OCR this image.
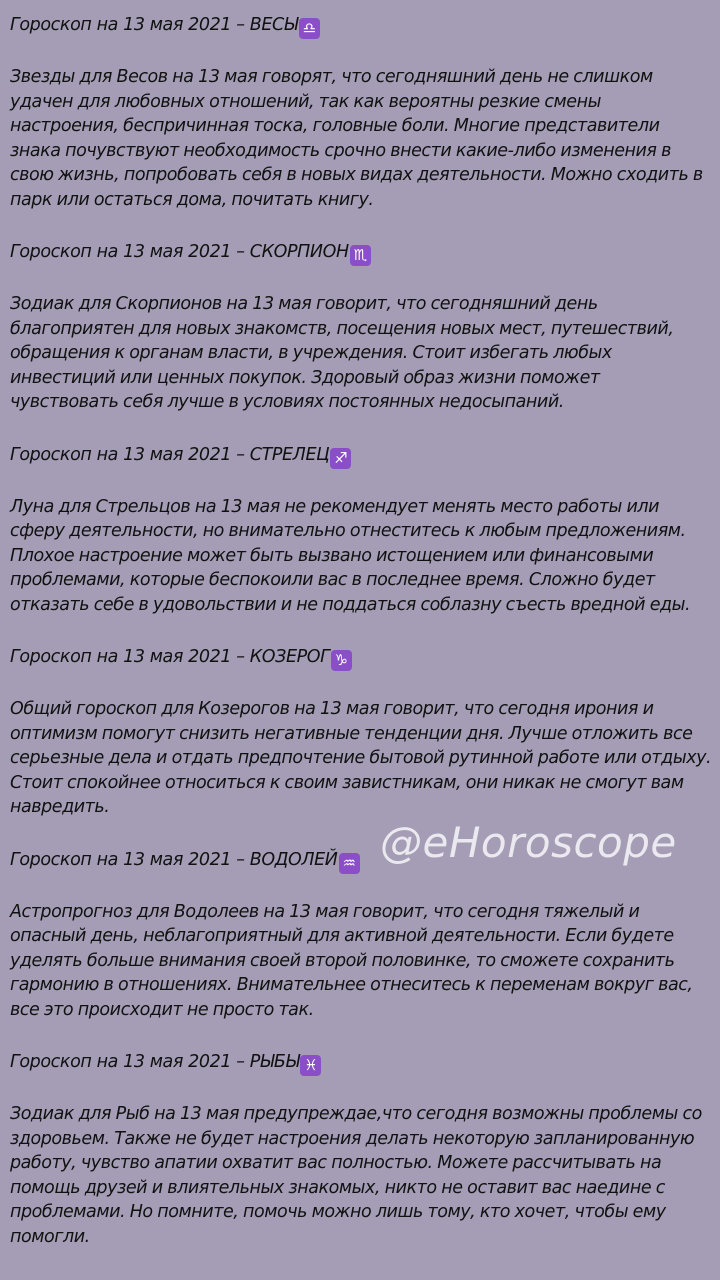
Гороскоп на 13 мая 2021 – ВЕСЫ ♎

Звезды для Весов на 13 мая говорят, что сегодняшний день не слишком удачен для любовных отношений, так как вероятны резкие смены настроения, беспричинная тоска, головные боли. Многие представители знака почувствуют необходимость срочно внести какие-либо изменения в свою жизнь, попробовать себя в новых видах деятельности. Можно сходить в парк или остаться дома, почитать книгу.

Гороскоп на 13 мая 2021 – СКОРПИОН ♏

Зодиак для Скорпионов на 13 мая говорит, что сегодняшний день благоприятен для новых знакомств, посещения новых мест, путешествий, обращения к органам власти, в учреждения. Стоит избегать любых инвестиций или ценных покупок. Здоровый образ жизни поможет чувствовать себя лучше в условиях постоянных недосыпаний.

Гороскоп на 13 мая 2021 – СТРЕЛЕЦ ♐

Луна для Стрельцов на 13 мая не рекомендует менять место работы или сферу деятельности, но внимательно отнеститесь к любым предложениям. Плохое настроение может быть вызвано истощением или финансовыми проблемами, которые беспокоили вас в последнее время. Сложно будет отказать себе в удовольствии и не поддаться соблазну съесть вредной еды.

Гороскоп на 13 мая 2021 – КОЗЕРОГ ♑

Общий гороскоп для Козерогов на 13 мая говорит, что сегодня ирония и оптимизм помогут снизить негативные тенденции дня. Лучше отложить все серьезные дела и отдать предпочтение бытовой рутинной работе или отдыху. Стоит спокойнее относиться к своим завистникам, они никак не смогут вам навредить.

Гороскоп на 13 мая 2021 – ВОДОЛЕЙ ♒

Астропрогноз для Водолеев на 13 мая говорит, что сегодня тяжелый и опасный день, неблагоприятный для активной деятельности. Если будете уделять больше внимания своей второй половинке, то сможете сохранить гармонию в отношениях. Внимательнее отнеситесь к переменам вокруг вас, все это происходит не просто так.

Гороскоп на 13 мая 2021 – РЫБЫ ♓

Зодиак для Рыб на 13 мая предупреждае,что сегодня возможны проблемы со здоровьем. Также не будет настроения делать некоторую запланированную работу, чувство апатии охватит вас полностью. Можете рассчитывать на помощь друзей и влиятельных знакомых, никто не оставит вас наедине с проблемами. Но помните, помочь можно лишь тому, кто хочет, чтобы ему помогли.

@eHoroscope
